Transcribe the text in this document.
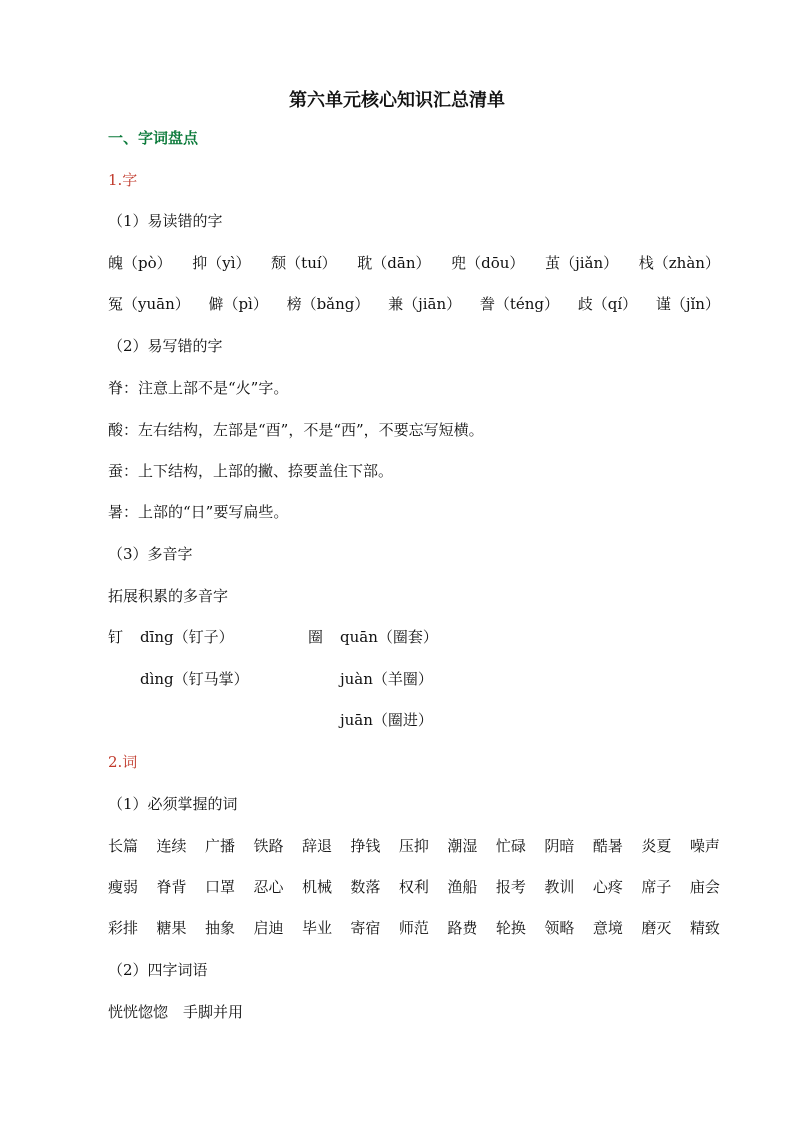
第六单元核心知识汇总清单
一、字词盘点
1.字
（1）易读错的字
魄（pò） 抑（yì） 颓（tuí） 耽（dān） 兜（dōu） 茧（jiǎn） 栈（zhàn）
冤（yuān） 僻（pì） 榜（bǎng） 兼（jiān） 誊（téng） 歧（qí） 谨（jǐn）
（2）易写错的字
脊：注意上部不是“火”字。
酸：左右结构，左部是“酉”，不是“西”，不要忘写短横。
蚕：上下结构，上部的撇、捺要盖住下部。
暑：上部的“日”要写扁些。
（3）多音字
拓展积累的多音字
钉 dīng（钉子）
dìng（钉马掌）
圈 quān（圈套）
juàn（羊圈）
juān（圈进）
2.词
（1）必须掌握的词
长篇 连续 广播 铁路 辞退 挣钱 压抑 潮湿 忙碌 阴暗 酷暑 炎夏 噪声
瘦弱 脊背 口罩 忍心 机械 数落 权利 渔船 报考 教训 心疼 席子 庙会
彩排 糖果 抽象 启迪 毕业 寄宿 师范 路费 轮换 领略 意境 磨灭 精致
（2）四字词语
恍恍惚惚　手脚并用
